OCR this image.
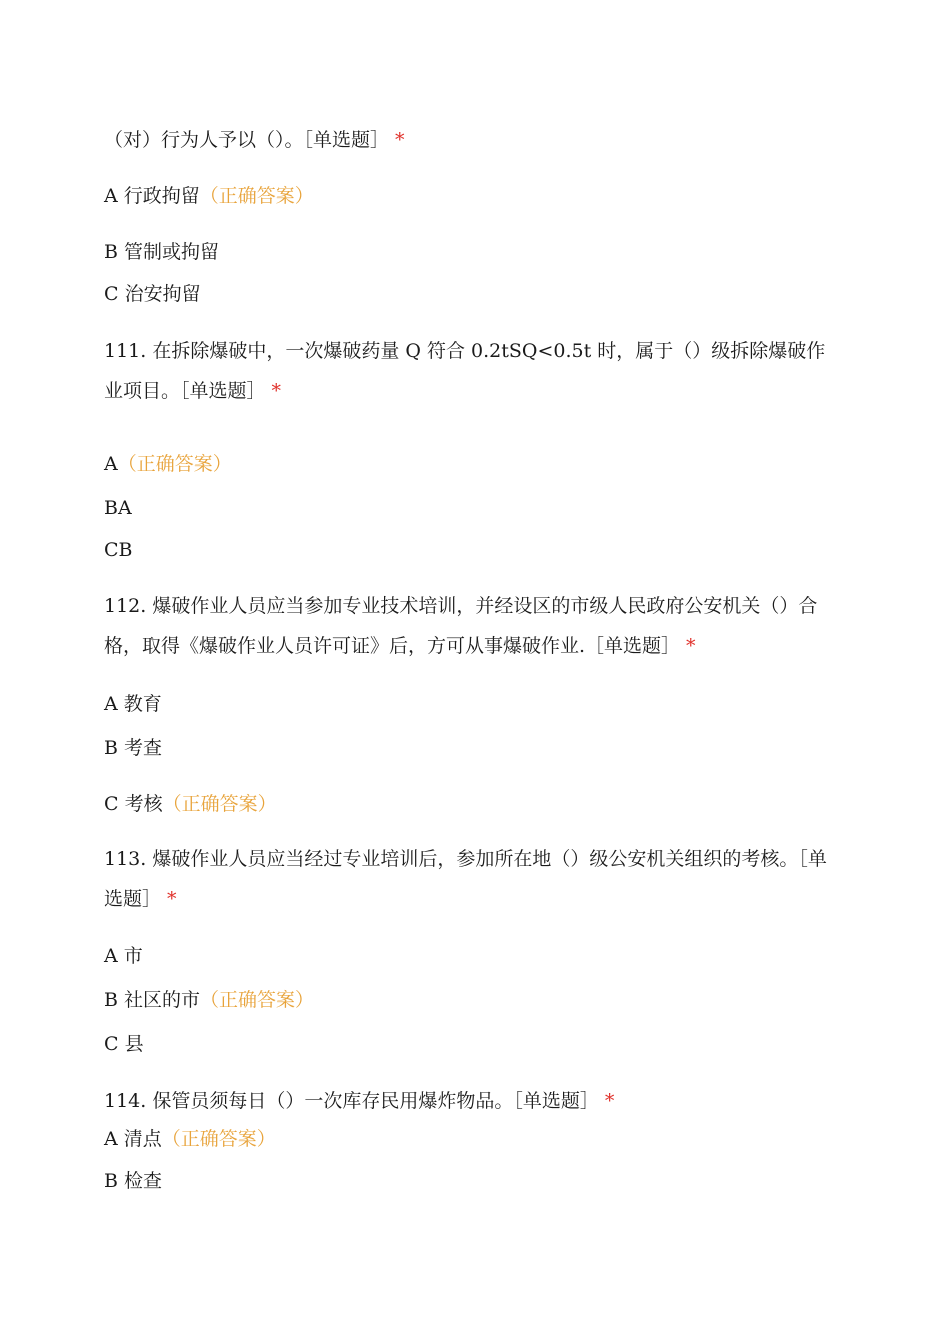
（对）行为人予以（）。［单选题］ *
A 行政拘留（正确答案）
B 管制或拘留
C 治安拘留
111. 在拆除爆破中，一次爆破药量 Q 符合 0.2tSQ<0.5t 时，属于（）级拆除爆破作业项目。［单选题］ *
A（正确答案）
BA
CB
112. 爆破作业人员应当参加专业技术培训，并经设区的市级人民政府公安机关（）合格，取得《爆破作业人员许可证》后，方可从事爆破作业.［单选题］ *
A 教育
B 考查
C 考核（正确答案）
113. 爆破作业人员应当经过专业培训后，参加所在地（）级公安机关组织的考核。［单选题］ *
A 市
B 社区的市（正确答案）
C 县
114. 保管员须每日（）一次库存民用爆炸物品。［单选题］ *
A 清点（正确答案）
B 检查
